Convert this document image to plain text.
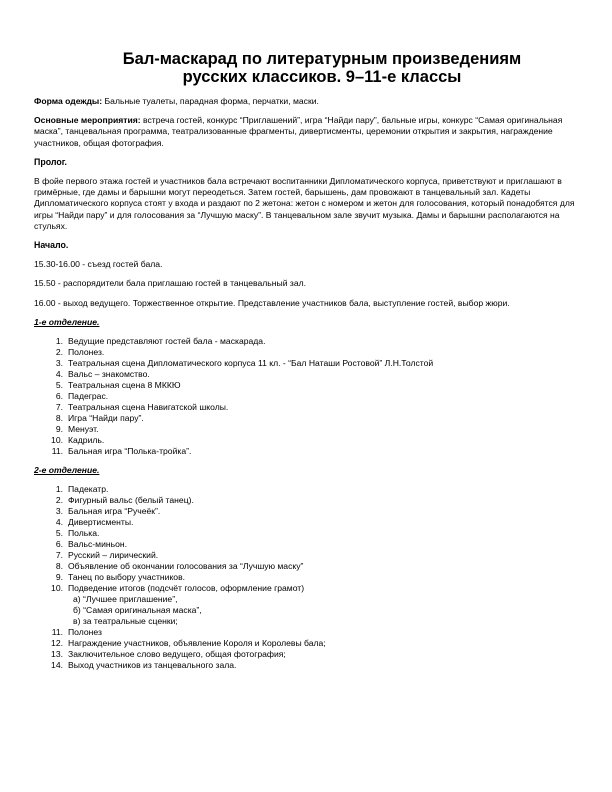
Бал-маскарад по литературным произведениям
русских классиков. 9–11-е классы
Форма одежды: Бальные туалеты, парадная форма, перчатки, маски.
Основные мероприятия: встреча гостей, конкурс “Приглашений”, игра “Найди пару”, бальные игры, конкурс “Самая оригинальная маска”, танцевальная программа, театрализованные фрагменты, дивертисменты, церемонии открытия и закрытия, награждение участников, общая фотография.
Пролог.
В фойе первого этажа гостей и участников бала встречают воспитанники Дипломатического корпуса, приветствуют и приглашают в гримёрные, где дамы и барышни могут переодеться. Затем гостей, барышень, дам провожают в танцевальный зал. Кадеты Дипломатического корпуса стоят у входа и раздают по 2 жетона: жетон с номером и жетон для голосования, который понадобятся для игры “Найди пару” и для голосования за “Лучшую маску”. В танцевальном зале звучит музыка. Дамы и барышни располагаются на стульях.
Начало.
15.30-16.00 - съезд гостей бала.
15.50 - распорядители бала приглашаю гостей в танцевальный зал.
16.00 - выход ведущего. Торжественное открытие. Представление участников бала, выступление гостей, выбор жюри.
1-е отделение.
1. Ведущие представляют гостей бала - маскарада.
2. Полонез.
3. Театральная сцена Дипломатического корпуса 11 кл. - “Бал Наташи Ростовой” Л.Н.Толстой
4. Вальс – знакомство.
5. Театральная сцена 8 МККЮ
6. Падеграс.
7. Театральная сцена Навигатской школы.
8. Игра “Найди пару”.
9. Менуэт.
10. Кадриль.
11. Бальная игра “Полька-тройка”.
2-е отделение.
1. Падекатр.
2. Фигурный вальс (белый танец).
3. Бальная игра “Ручеёк”.
4. Дивертисменты.
5. Полька.
6. Вальс-миньон.
7. Русский – лирический.
8. Объявление об окончании голосования за “Лучшую маску”
9. Танец по выбору участников.
10. Подведение итогов (подсчёт голосов, оформление грамот)
а) “Лучшее приглашение”,
б) “Самая оригинальная маска”,
в) за театральные сценки;
11. Полонез
12. Награждение участников, объявление Короля и Королевы бала;
13. Заключительное слово ведущего, общая фотография;
14. Выход участников из танцевального зала.
